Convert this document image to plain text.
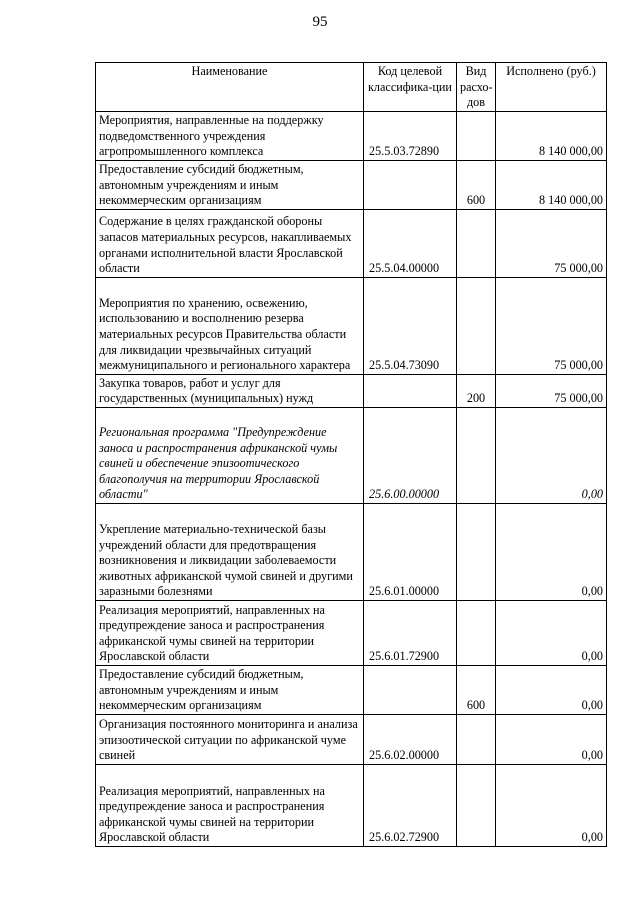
95
Наименование	Код целевой классифика-ции	Вид расхо-дов	Исполнено (руб.)
Мероприятия, направленные на поддержку подведомственного учреждения агропромышленного комплекса	25.5.03.72890		8 140 000,00
Предоставление субсидий бюджетным, автономным учреждениям и иным некоммерческим организациям		600	8 140 000,00
Содержание в целях гражданской обороны запасов материальных ресурсов, накапливаемых органами исполнительной власти Ярославской области	25.5.04.00000		75 000,00
Мероприятия по хранению, освежению, использованию и восполнению резерва материальных ресурсов Правительства области для ликвидации чрезвычайных ситуаций межмуниципального и регионального характера	25.5.04.73090		75 000,00
Закупка товаров, работ и услуг для государственных (муниципальных) нужд		200	75 000,00
Региональная программа "Предупреждение заноса и распространения африканской чумы свиней и обеспечение эпизоотического благополучия на территории Ярославской области"	25.6.00.00000		0,00
Укрепление материально-технической базы учреждений области для предотвращения возникновения и ликвидации заболеваемости животных африканской чумой свиней и другими заразными болезнями	25.6.01.00000		0,00
Реализация мероприятий, направленных на предупреждение заноса и распространения африканской чумы свиней на территории Ярославской области	25.6.01.72900		0,00
Предоставление субсидий бюджетным, автономным учреждениям и иным некоммерческим организациям		600	0,00
Организация постоянного мониторинга и анализа эпизоотической ситуации по африканской чуме свиней	25.6.02.00000		0,00
Реализация мероприятий, направленных на предупреждение заноса и распространения африканской чумы свиней на территории Ярославской области	25.6.02.72900		0,00
